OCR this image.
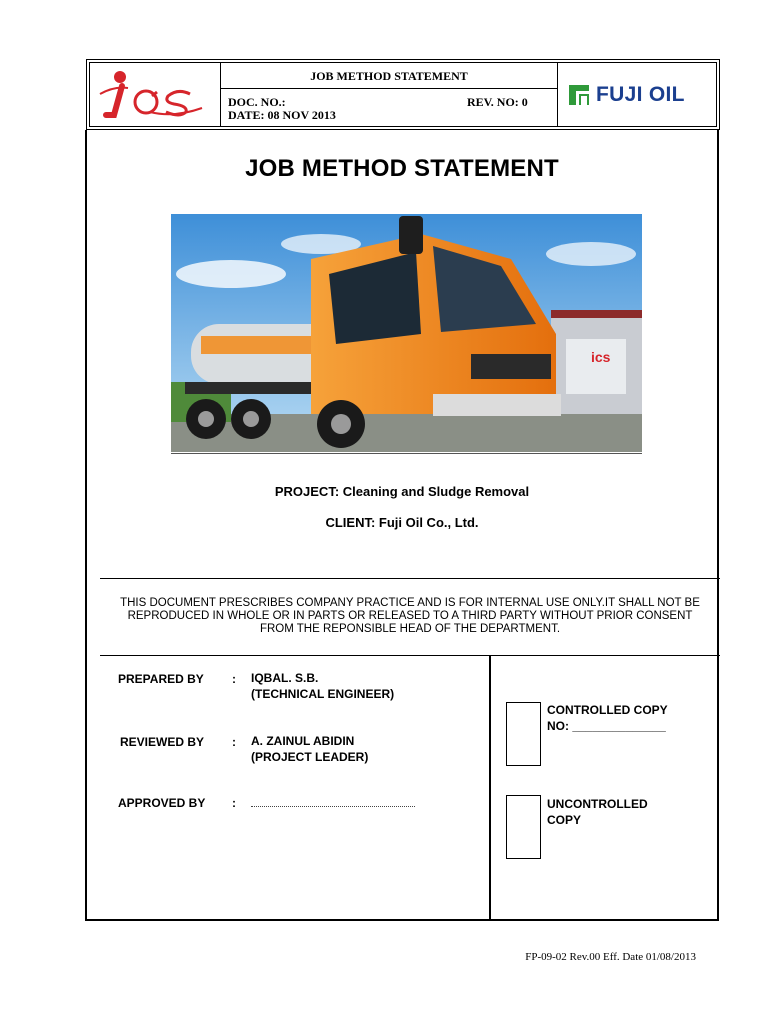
JOB METHOD STATEMENT
DOC. NO.:	REV. NO: 0
DATE: 08 NOV 2013
FUJI OIL
JOB METHOD STATEMENT
ics
PROJECT: Cleaning and Sludge Removal
CLIENT: Fuji Oil Co., Ltd.
THIS DOCUMENT PRESCRIBES COMPANY PRACTICE AND IS FOR INTERNAL USE ONLY.IT SHALL NOT BE
REPRODUCED IN WHOLE OR IN PARTS OR RELEASED TO A THIRD PARTY WITHOUT PRIOR CONSENT
FROM THE REPONSIBLE HEAD OF THE DEPARTMENT.
PREPARED BY : IQBAL. S.B.
(TECHNICAL ENGINEER)
REVIEWED BY : A. ZAINUL ABIDIN
(PROJECT LEADER)
APPROVED BY :
CONTROLLED COPY
NO: ______________
UNCONTROLLED
COPY
FP-09-02 Rev.00 Eff. Date 01/08/2013
